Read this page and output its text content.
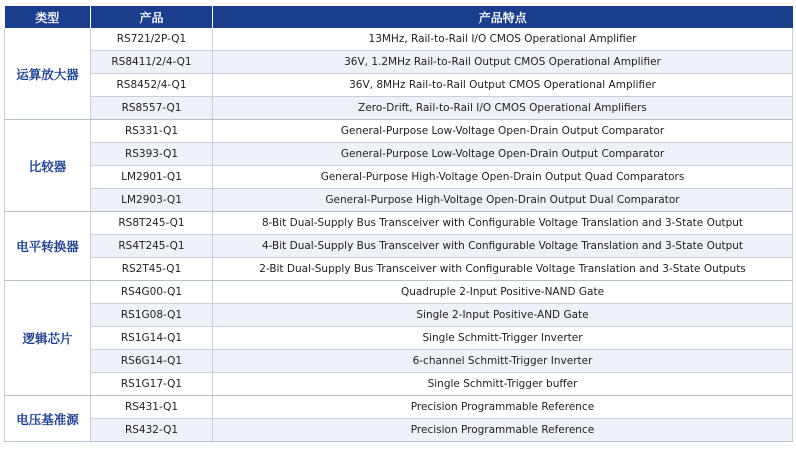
类型	产品	产品特点
运算放大器	RS721/2P-Q1	13MHz, Rail-to-Rail I/O CMOS Operational Amplifier
	RS8411/2/4-Q1	36V, 1.2MHz Rail-to-Rail Output CMOS Operational Amplifier
	RS8452/4-Q1	36V, 8MHz Rail-to-Rail Output CMOS Operational Amplifier
	RS8557-Q1	Zero-Drift, Rail-to-Rail I/O CMOS Operational Amplifiers
比较器	RS331-Q1	General-Purpose Low-Voltage Open-Drain Output Comparator
	RS393-Q1	General-Purpose Low-Voltage Open-Drain Output Comparator
	LM2901-Q1	General-Purpose High-Voltage Open-Drain Output Quad Comparators
	LM2903-Q1	General-Purpose High-Voltage Open-Drain Output Dual Comparator
电平转换器	RS8T245-Q1	8-Bit Dual-Supply Bus Transceiver with Configurable Voltage Translation and 3-State Output
	RS4T245-Q1	4-Bit Dual-Supply Bus Transceiver with Configurable Voltage Translation and 3-State Output
	RS2T45-Q1	2-Bit Dual-Supply Bus Transceiver with Configurable Voltage Translation and 3-State Outputs
逻辑芯片	RS4G00-Q1	Quadruple 2-Input Positive-NAND Gate
	RS1G08-Q1	Single 2-Input Positive-AND Gate
	RS1G14-Q1	Single Schmitt-Trigger Inverter
	RS6G14-Q1	6-channel Schmitt-Trigger Inverter
	RS1G17-Q1	Single Schmitt-Trigger buffer
电压基准源	RS431-Q1	Precision Programmable Reference
	RS432-Q1	Precision Programmable Reference
